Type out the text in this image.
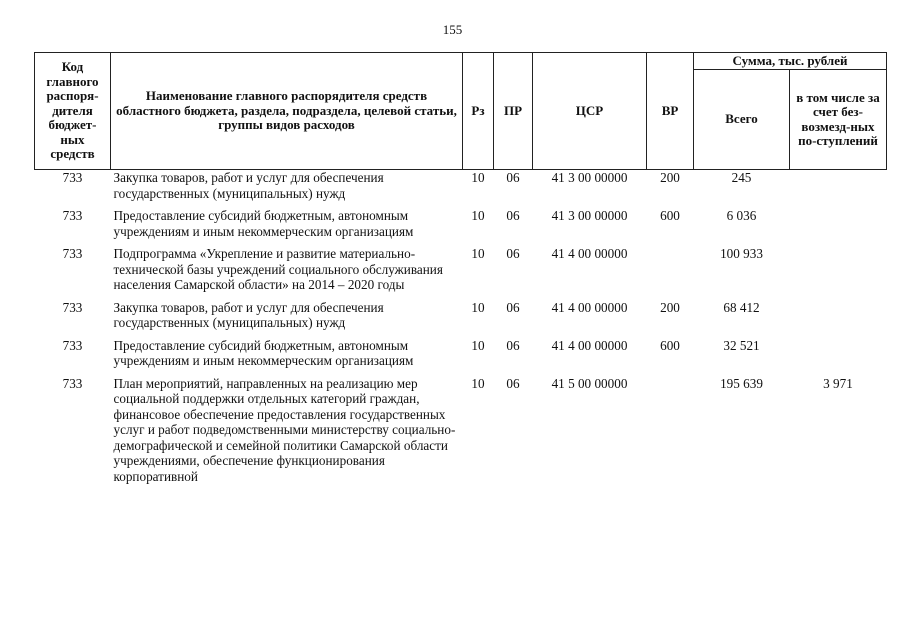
155
Код главного распоря-дителя бюджет-ных средств	Наименование главного распорядителя средств областного бюджета, раздела, подраздела, целевой статьи, группы видов расходов	Рз	ПР	ЦСР	ВР	Сумма, тыс. рублей	
						Всего	в том числе за счет без-возмезд-ных по-ступлений
733	Закупка товаров, работ и услуг для обеспечения государственных (муниципальных) нужд	10	06	41 3 00 00000	200	245	
733	Предоставление субсидий бюджетным, автономным учреждениям и иным некоммерческим организациям	10	06	41 3 00 00000	600	6 036	
733	Подпрограмма «Укрепление и развитие материально-технической базы учреждений социального обслуживания населения Самарской области» на 2014 – 2020 годы	10	06	41 4 00 00000		100 933	
733	Закупка товаров, работ и услуг для обеспечения государственных (муниципальных) нужд	10	06	41 4 00 00000	200	68 412	
733	Предоставление субсидий бюджетным, автономным учреждениям и иным некоммерческим организациям	10	06	41 4 00 00000	600	32 521	
733	План мероприятий, направленных на реализацию мер социальной поддержки отдельных категорий граждан, финансовое обеспечение предоставления государственных услуг и работ подведомственными министерству социально-демографической и семейной политики Самарской области учреждениями, обеспечение функционирования корпоративной	10	06	41 5 00 00000		195 639	3 971
